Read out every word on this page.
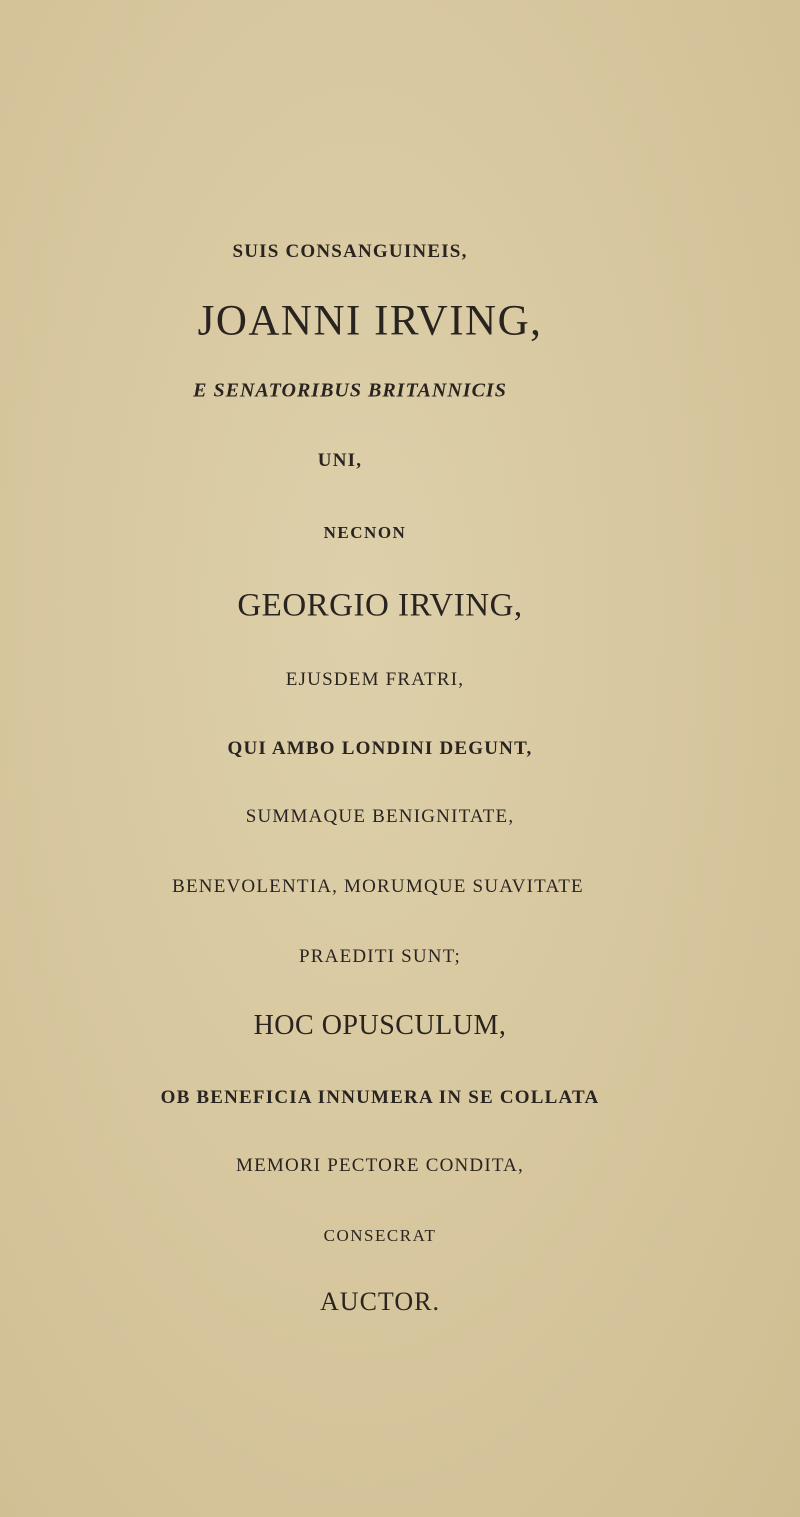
SUIS CONSANGUINEIS,
JOANNI IRVING,
E SENATORIBUS BRITANNICIS
UNI,
NECNON
GEORGIO IRVING,
EJUSDEM FRATRI,
QUI AMBO LONDINI DEGUNT,
SUMMAQUE BENIGNITATE,
BENEVOLENTIA, MORUMQUE SUAVITATE
PRAEDITI SUNT;
HOC OPUSCULUM,
OB BENEFICIA INNUMERA IN SE COLLATA
MEMORI PECTORE CONDITA,
CONSECRAT
AUCTOR.
